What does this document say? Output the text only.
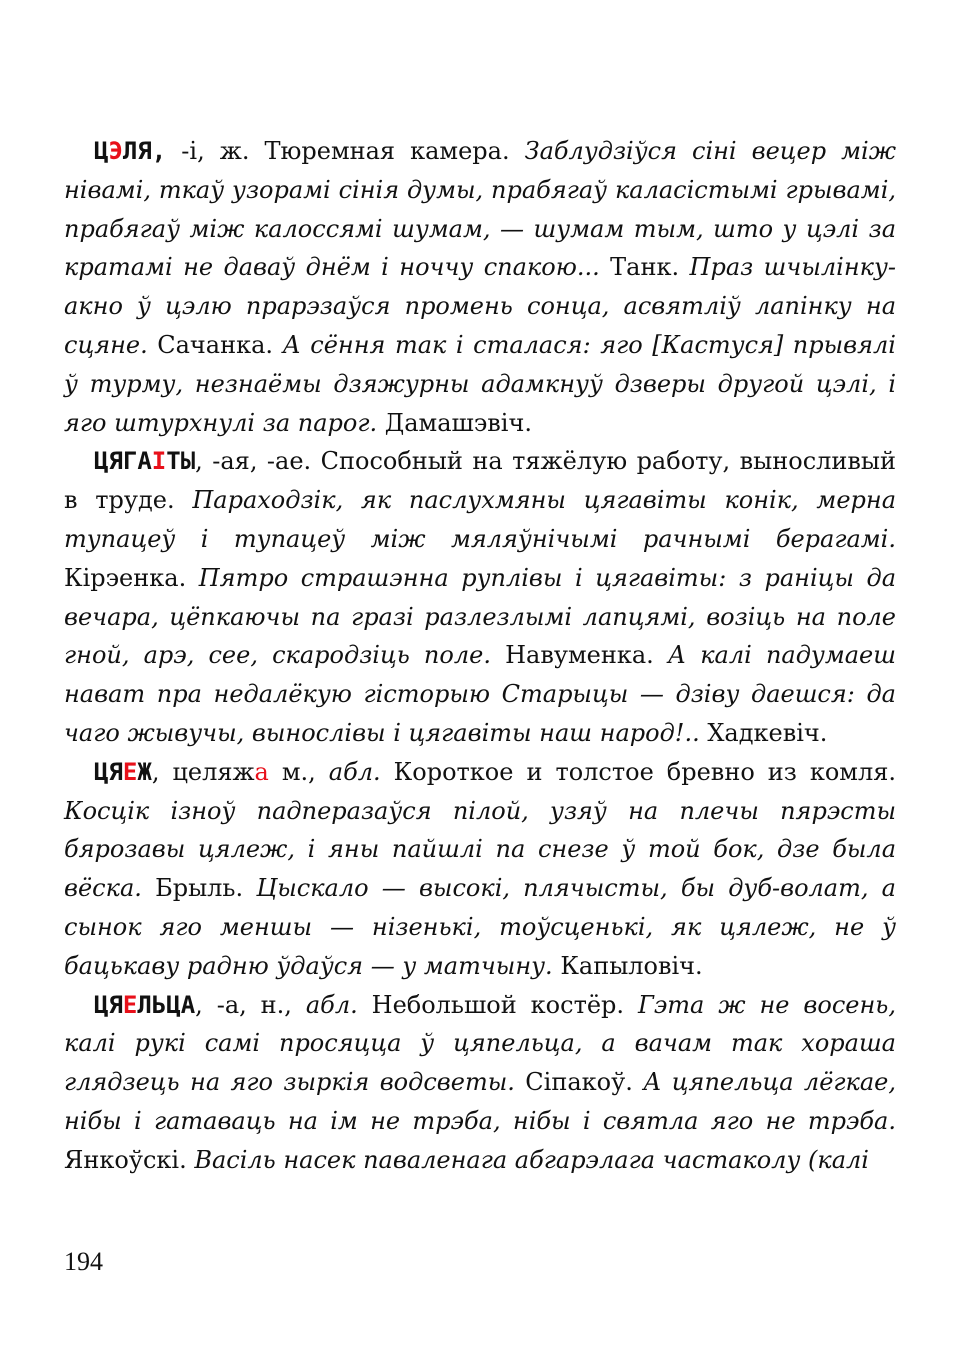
ЦЭЛЯ, -і, ж. Тюремная камера. Заблудзіўся сіні вецер між нівамі, ткаў узорамі сінія думы, прабягаў каласістымі грывамі, прабягаў між калоссямі шумам, — шумам тым, што у цэлі за кратамі не даваў днём і ноччу спакою... Танк. Праз шчылінку-акно ў цэлю прарэзаўся промень сонца, асвятліў лапінку на сцяне. Сачанка. А сёння так і сталася: яго [Кастуся] прывялі ў турму, незнаёмы дзяжурны адамкнуў дзверы другой цэлі, і яго штурхнулі за парог. Дамашэвіч.

ЦЯГАІТЫ, -ая, -ае. Способный на тяжёлую работу, выносливый в труде. Параходзік, як паслухмяны цягавіты конік, мерна тупацеў і тупацеў між мяляўнічымі рачнымі берагамі. Кірэенка. Пятро страшэнна руплівы і цягавіты: з раніцы да вечара, цёпкаючы па гразі разлезлымі лапцямі, возіць на поле гной, арэ, сее, скародзіць поле. Навуменка. А калі падумаеш нават пра недалёкую гісторыю Старыцы — дзіву даешся: да чаго жывучы, вынослівы і цягавіты наш народ!.. Хадкевіч.

ЦЯЕЖ, целяжа м., абл. Короткое и толстое бревно из комля. Косцік ізноў падпеpазаўся пілой, узяў на плечы пярэсты бярозавы цялеж, і яны пайшлі па снезе ў той бок, дзе была вёска. Брыль. Цыскало — высокі, плячысты, бы дуб-волат, а сынок яго меншы — нізенькі, тоўсценькі, як цялеж, не ў бацькаву радню ўдаўся — у матчыну. Капыловіч.

ЦЯЕЛЬЦА, -а, н., абл. Небольшой костёр. Гэта ж не восень, калі рукі самі просяцца ў цяпельца, а вачам так хораша глядзець на яго зыркія водсветы. Сіпакоў. А цяпельца лёгкае, нібы і гатаваць на ім не трэба, нібы і святла яго не трэба. Янкоўскі. Васіль насек паваленага абгарэлага частаколу (калі

194
